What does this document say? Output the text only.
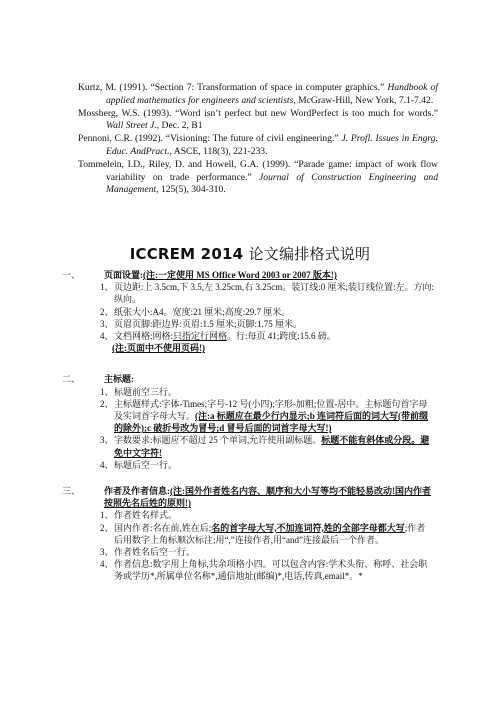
Kurtz, M. (1991). “Section 7: Transformation of space in computer graphics.” Handbook of applied mathematics for engineers and scientists, McGraw-Hill, New York, 7.1-7.42.

Mossberg, W.S. (1993). “Word isn’t perfect but new WordPerfect is too much for words.” Wall Street J., Dec. 2, B1

Pennoni, C.R. (1992). “Visioning: The future of civil engineering.” J. Profl. Issues in Engrg. Educ. AndPract., ASCE, 118(3), 221-233.

Tommelein, I.D., Riley, D. and Howell, G.A. (1999). “Parade game: impact of work flow variability on trade performance.” Journal of Construction Engineering and Management, 125(5), 304-310.

ICCREM 2014 论文编排格式说明
一、	页面设置:(注:一定使用 MS Office Word 2003 or 2007 版本!)
1、 页边距:上 3.5cm,下 3.5,左 3.25cm,右 3.25cm。装订线:0 厘米;装订线位置:左。方向:纵向。
2、 纸张大小:A4。宽度:21 厘米;高度:29.7 厘米。
3、 页眉页脚:距边界:页眉:1.5 厘米;页脚:1.75 厘米。
4、 文档网格:网格:只指定行网格。行:每页 41;跨度:15.6 磅。
(注:页面中不使用页码!)
二、	主标题:
1、 标题前空三行。
2、 主标题样式:字体-Times;字号-12 号(小四);字形-加粗;位置-居中。主标题句首字母及实词首字母大写。(注:a 标题应在最少行内显示;b 连词符后面的词大写(带前缀的除外);c 破折号改为冒号;d 冒号后面的词首字母大写!)
3、 字数要求:标题应不超过 25 个单词,允许使用副标题。标题不能有斜体或分段。避免中文字符!
4、 标题后空一行。
三、	作者及作者信息:(注:国外作者姓名内容、顺序和大小写等均不能轻易改动!国内作者按照先名后姓的原则!)
1、 作者姓名样式。
2、 国内作者:名在前,姓在后;名的首字母大写,不加连词符,姓的全部字母都大写;作者后用数字上角标顺次标注;用“,”连接作者,用“and”连接最后一个作者。
3、 作者姓名后空一行。
4、 作者信息:数字用上角标,共余项格小四。可以包含内容:学术头衔、称呼、社会职务或学历*,所属单位名称*,通信地址(邮编)*,电话,传真,email*。*
